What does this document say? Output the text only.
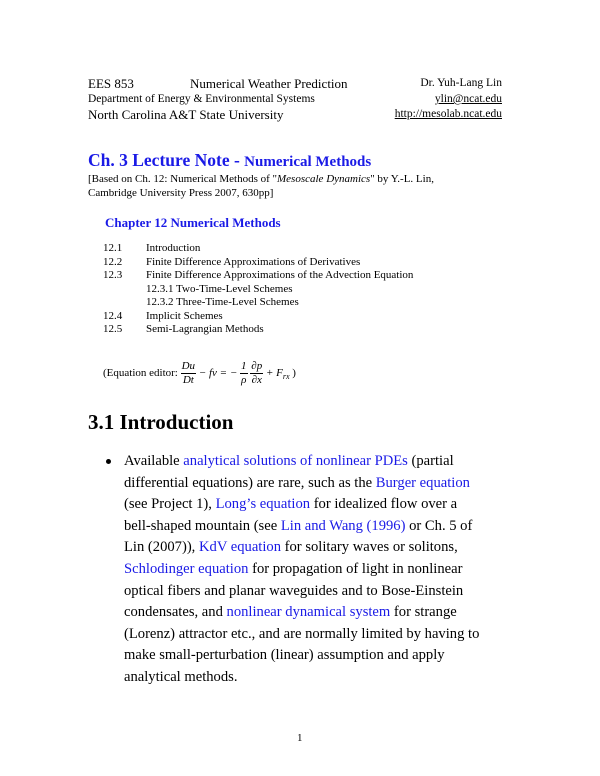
EES 853	Numerical Weather Prediction	Dr. Yuh-Lang Lin
Department of Energy & Environmental Systems	ylin@ncat.edu
North Carolina A&T State University	http://mesolab.ncat.edu
Ch. 3 Lecture Note - Numerical Methods
[Based on Ch. 12: Numerical Methods of "Mesoscale Dynamics" by Y.-L. Lin,
Cambridge University Press 2007, 630pp]
Chapter 12 Numerical Methods
12.1 Introduction
12.2 Finite Difference Approximations of Derivatives
12.3 Finite Difference Approximations of the Advection Equation
12.3.1 Two-Time-Level Schemes
12.3.2 Three-Time-Level Schemes
12.4 Implicit Schemes
12.5 Semi-Lagrangian Methods
(Equation editor: $\frac{Du}{Dt}$ − fv = − $\frac{1}{\rho}$
$\frac{\partial p}{\partial x} + F_{rx}$ )
3.1 Introduction
Available analytical solutions of nonlinear PDEs (partial
differential equations) are rare, such as the Burger equation
(see Project 1), Long’s equation for idealized flow over a
bell-shaped mountain (see Lin and Wang (1996) or Ch. 5 of
Lin (2007)), KdV equation for solitary waves or solitons,
Schlodinger equation for propagation of light in nonlinear
optical fibers and planar waveguides and to Bose-Einstein
condensates, and nonlinear dynamical system for strange
(Lorenz) attractor etc., and are normally limited by having to
make small-perturbation (linear) assumption and apply
analytical methods.
1
